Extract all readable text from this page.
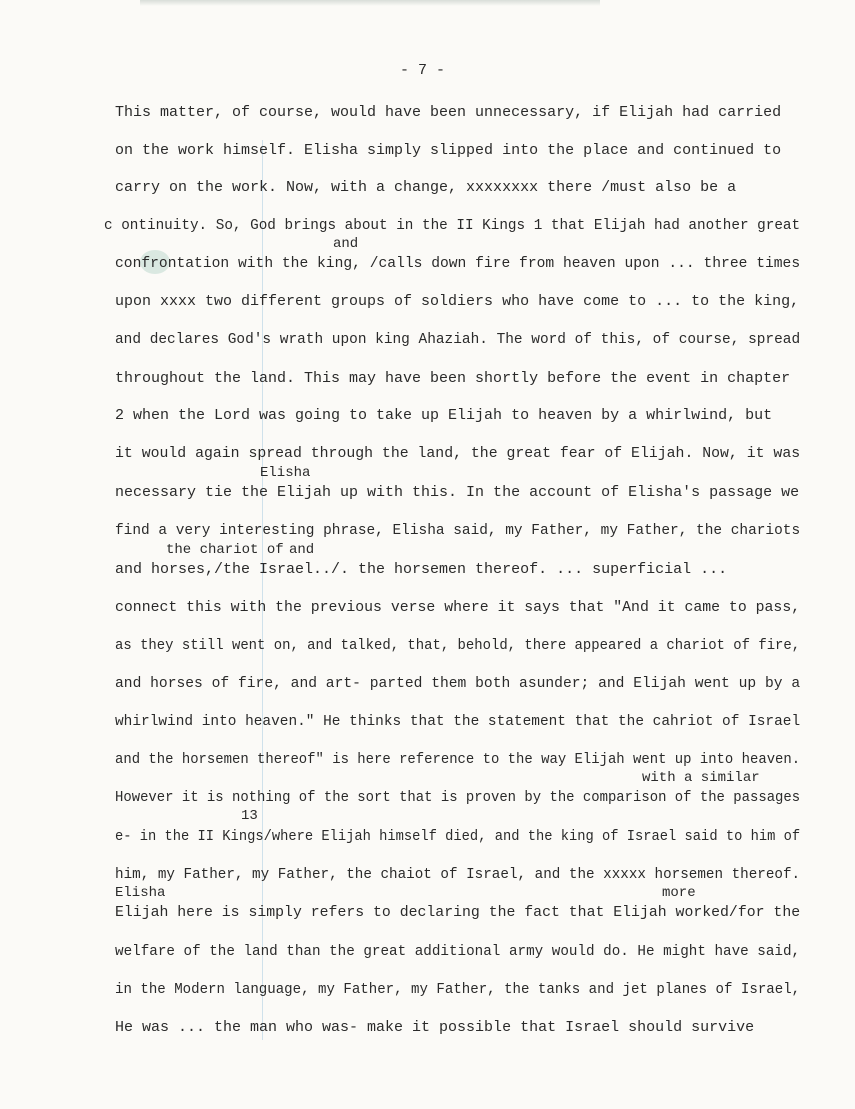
- 7 -
and
Elisha
the chariot of and
with a similar
13
Elisha	more
This matter, of course, would have been unnecessary, if Elijah had carried
on the work himself. Elisha simply slipped into the place and continued to
carry on the work. Now, with a change, xxxxxxxx there /must also be a
c ontinuity. So, God brings about in the II Kings 1 that Elijah had another great
confrontation with the king, /calls down fire from heaven upon ... three times
upon xxxx two different groups of soldiers who have come to ... to the king,
and declares God's wrath upon king Ahaziah. The word of this, of course, spread
throughout the land. This may have been shortly before the event in chapter
2 when the Lord was going to take up Elijah to heaven by a whirlwind, but
it would again spread through the land, the great fear of Elijah. Now, it was
necessary tie the Elijah up with this. In the account of Elisha's passage we
find a very interesting phrase, Elisha said, my Father, my Father, the chariots
and horses,/the Israel../. the horsemen thereof. ... superficial ...
connect this with the previous verse where it says that "And it came to pass,
as they still went on, and talked, that, behold, there appeared a chariot of fire,
and horses of fire, and art- parted them both asunder; and Elijah went up by a
whirlwind into heaven." He thinks that the statement that the cahriot of Israel
and the horsemen thereof" is here reference to the way Elijah went up into heaven.
However it is nothing of the sort that is proven by the comparison of the passages
e- in the II Kings/where Elijah himself died, and the king of Israel said to him of
him, my Father, my Father, the chaiot of Israel, and the xxxxx horsemen thereof.
Elijah here is simply refers to declaring the fact that Elijah worked/for the
welfare of the land than the great additional army would do. He might have said,
in the Modern language, my Father, my Father, the tanks and jet planes of Israel,
He was ... the man who was- make it possible that Israel should survive
